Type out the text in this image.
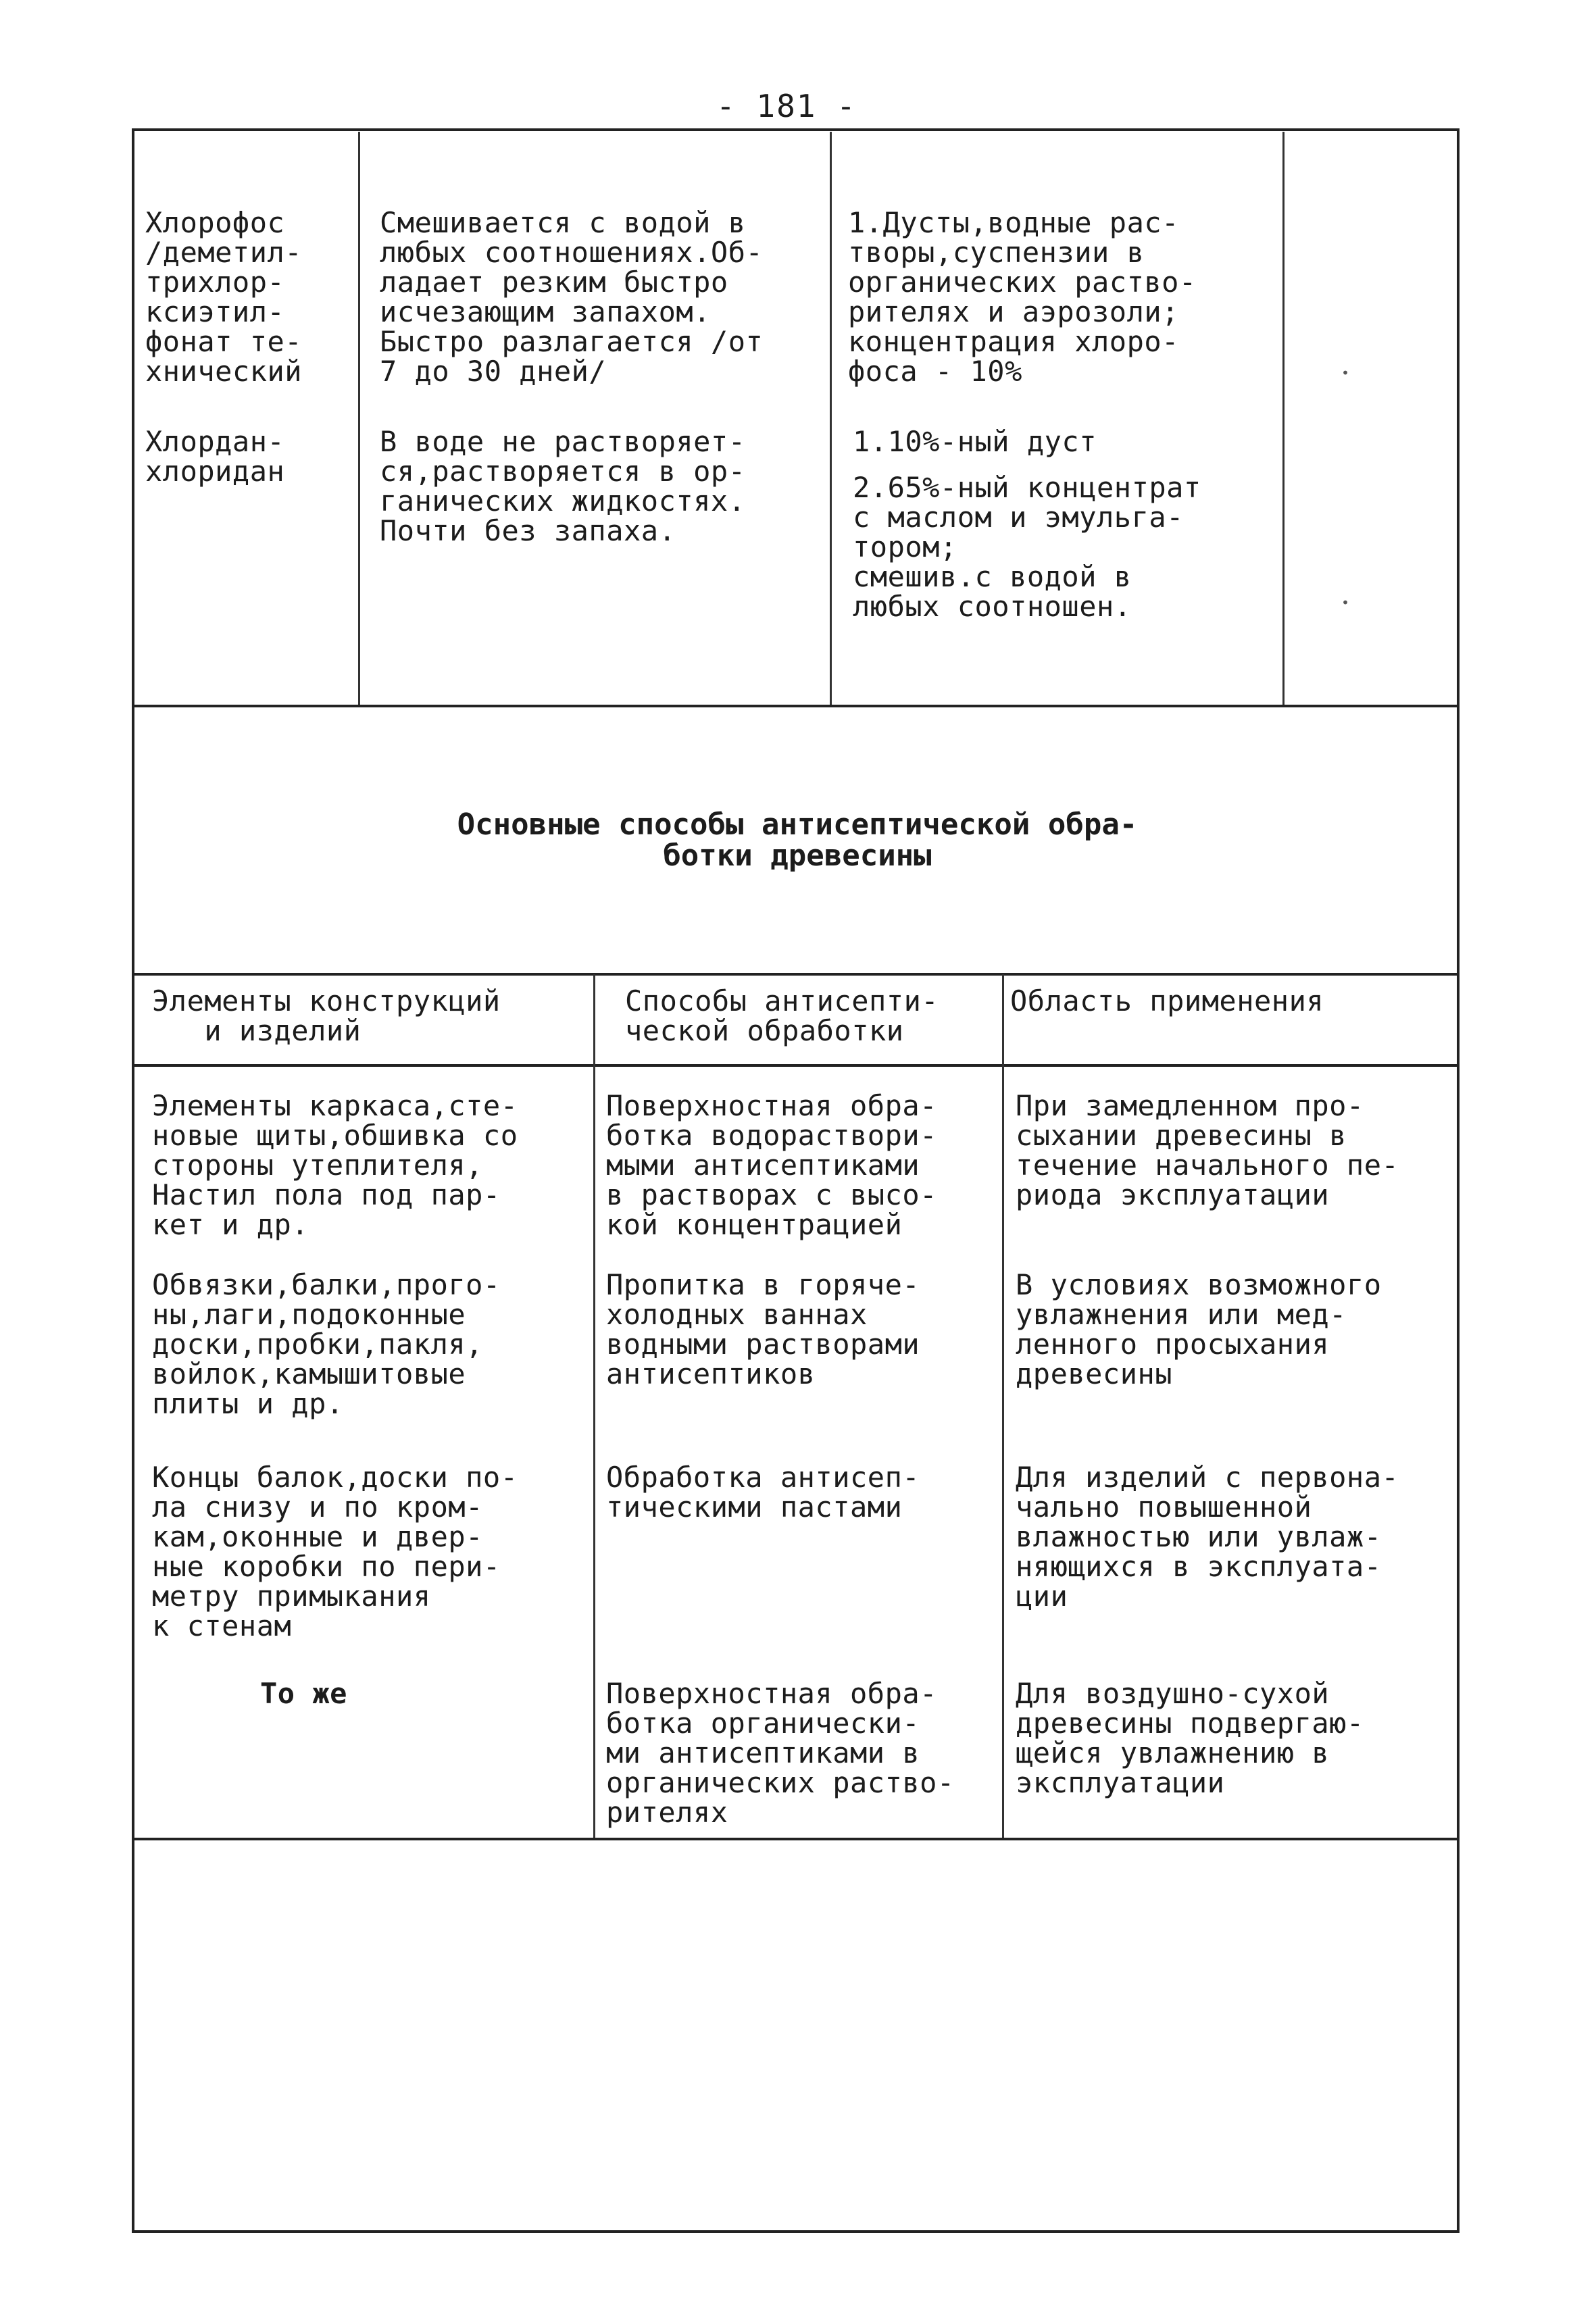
- 181 -
Хлорофос
/деметил-
трихлор-
ксиэтил-
фонат те-
хнический
Смешивается с водой в
любых соотношениях.Об-
ладает резким быстро
исчезающим запахом.
Быстро разлагается /от
7 до 30 дней/
1.Дусты,водные рас-
творы,суспензии в
органических раство-
рителях и аэрозоли;
концентрация хлоро-
фоса - 10%
Хлордан-
хлоридан
В воде не растворяет-
ся,растворяется в ор-
ганических жидкостях.
Почти без запаха.
1.10%-ный дуст
2.65%-ный концентрат
с маслом и эмульга-
тором;
смешив.с водой в
любых соотношен.
•
•
Основные способы антисептической обра-
ботки древесины
Элементы конструкций
и изделий
Способы антисепти-
ческой обработки
Область применения
Элементы каркаса,сте-
новые щиты,обшивка со
стороны утеплителя,
Настил пола под пар-
кет и др.
Поверхностная обра-
ботка водораствори-
мыми антисептиками
в растворах с высо-
кой концентрацией
При замедленном про-
сыхании древесины в
течение начального пе-
риода эксплуатации
Обвязки,балки,прого-
ны,лаги,подоконные
доски,пробки,пакля,
войлок,камышитовые
плиты и др.
Пропитка в горяче-
холодных ваннах
водными растворами
антисептиков
В условиях возможного
увлажнения или мед-
ленного просыхания
древесины
Концы балок,доски по-
ла снизу и по кром-
кам,оконные и двер-
ные коробки по пери-
метру примыкания
к стенам
Обработка антисеп-
тическими пастами
Для изделий с первона-
чально повышенной
влажностью или увлаж-
няющихся в эксплуата-
ции
То же	Поверхностная обра-
ботка органически-
ми антисептиками в
органических раство-
рителях
Для воздушно-сухой
древесины подвергаю-
щейся увлажнению в
эксплуатации
